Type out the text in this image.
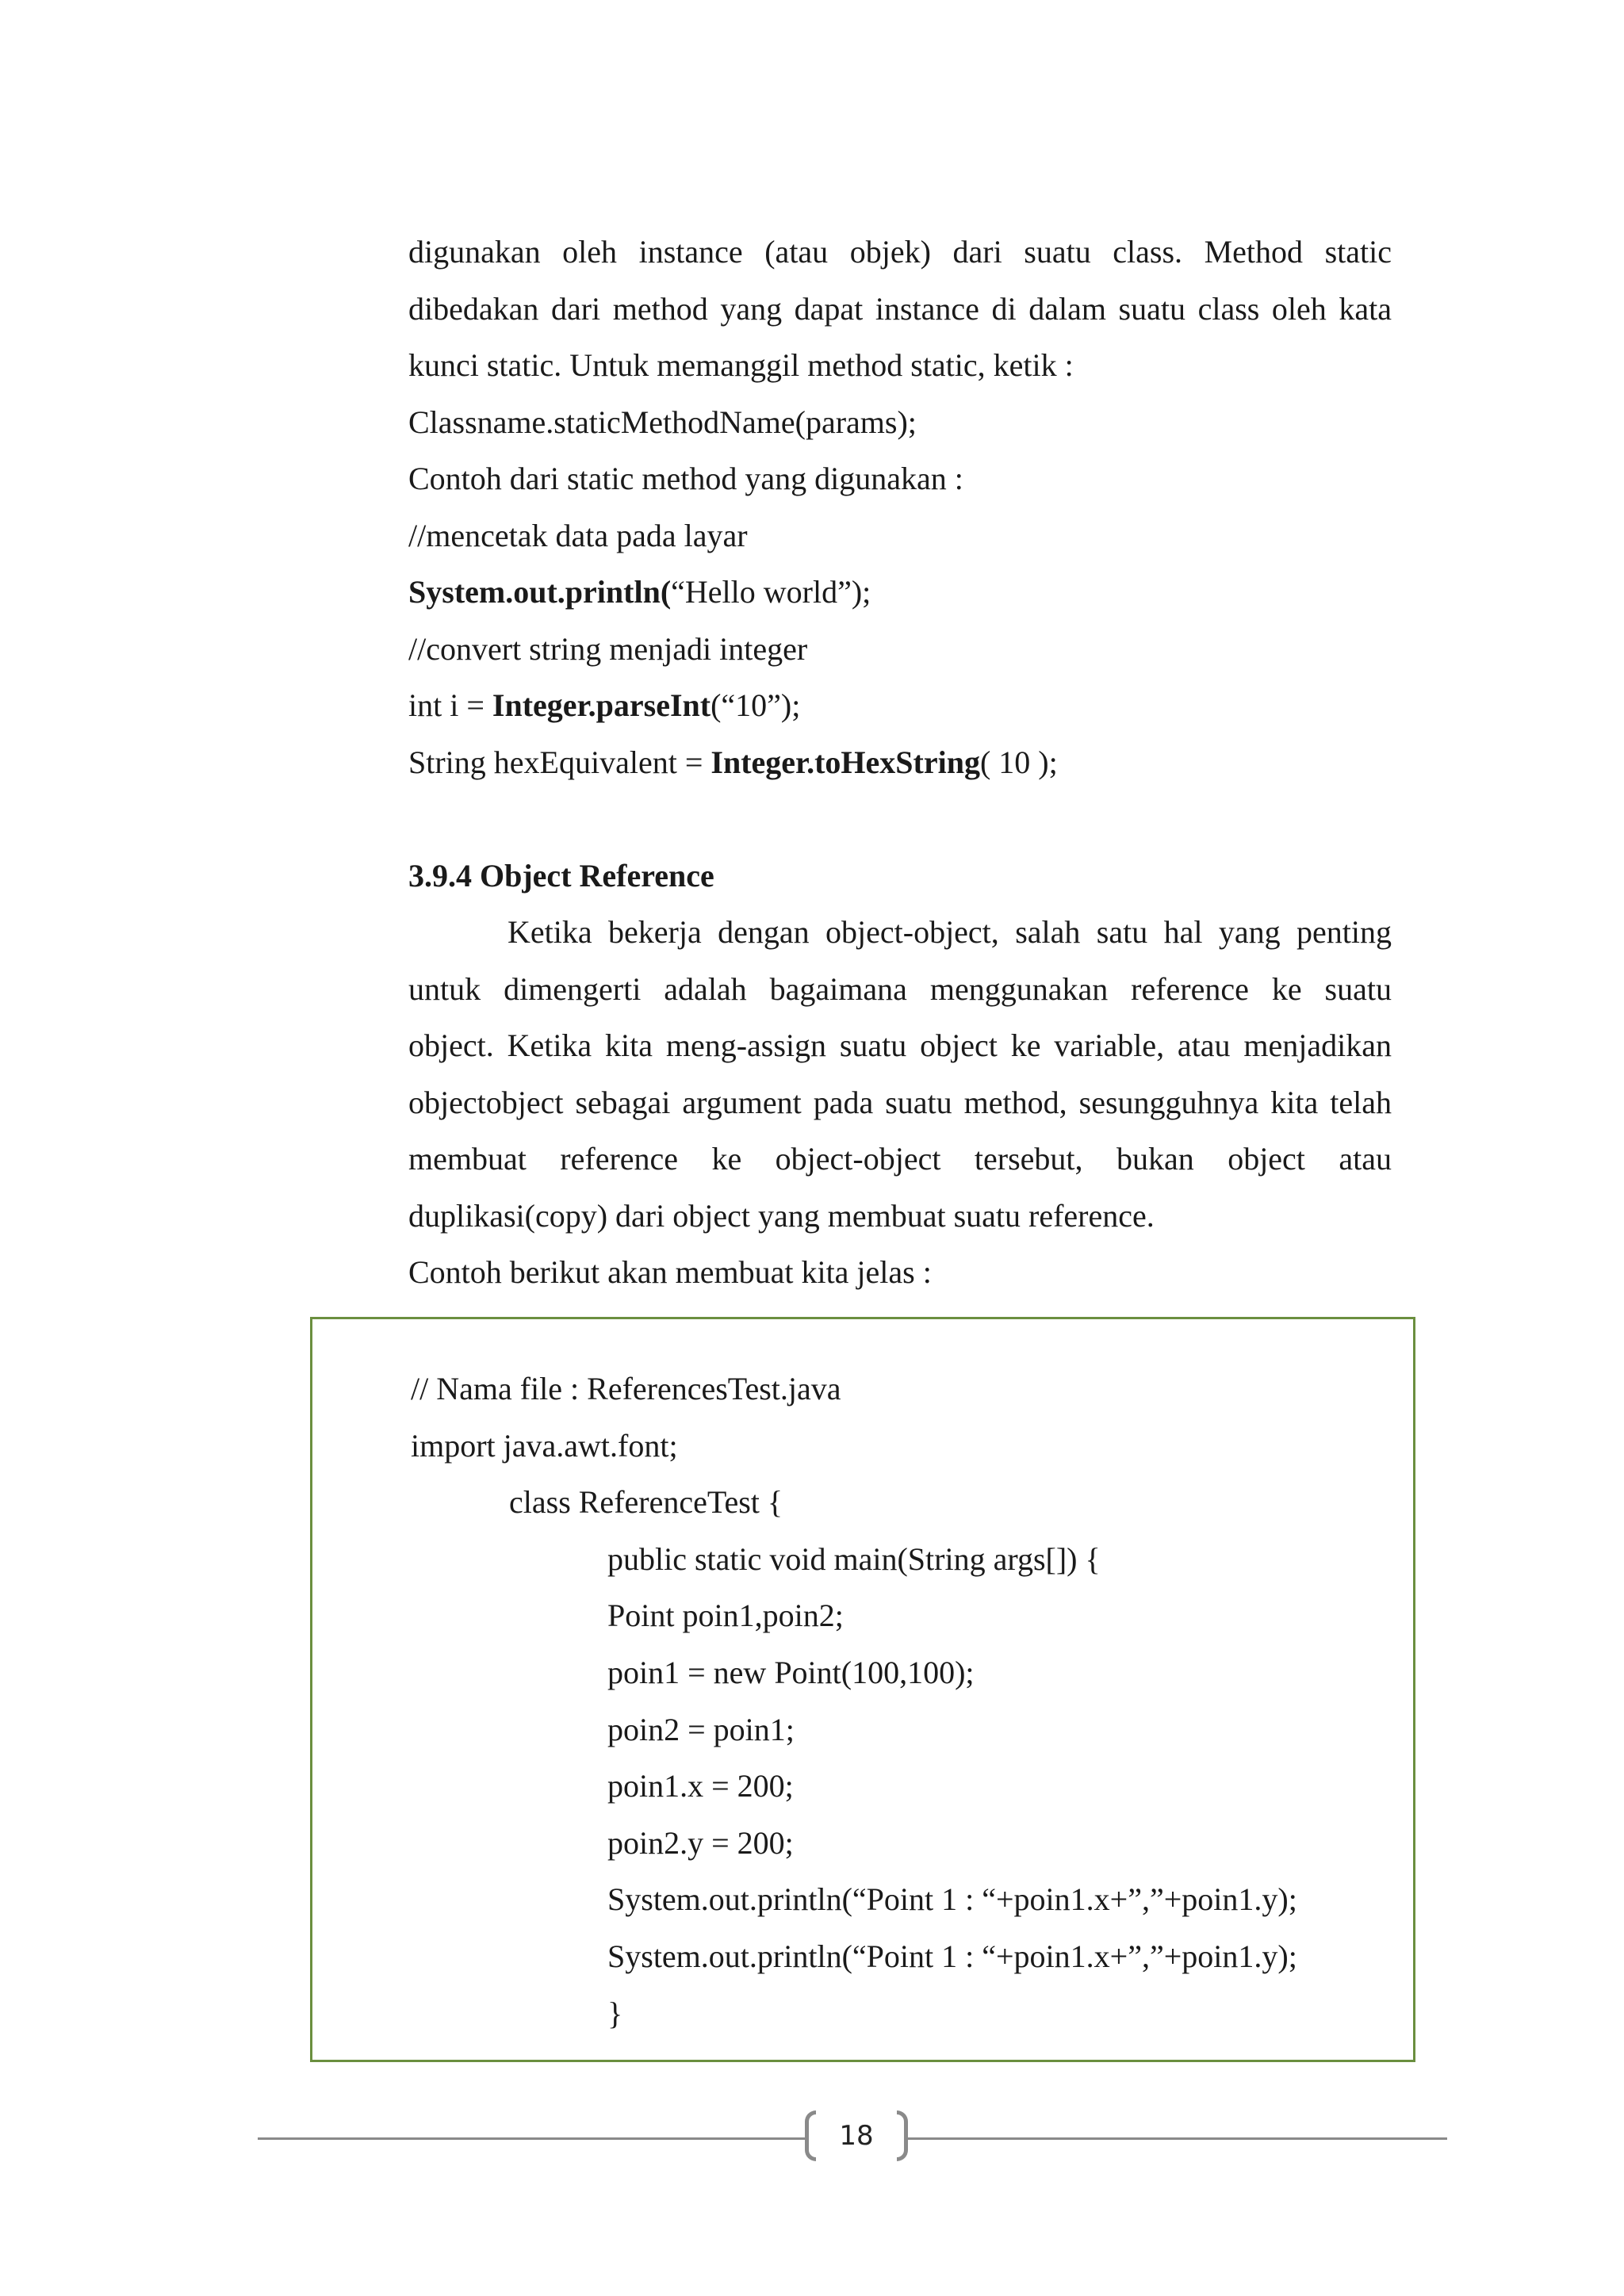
digunakan oleh instance (atau objek) dari suatu class. Method static
dibedakan dari method yang dapat instance di dalam suatu class oleh kata
kunci static. Untuk memanggil method static, ketik :
Classname.staticMethodName(params);
Contoh dari static method yang digunakan :
//mencetak data pada layar
System.out.println(“Hello world”);
//convert string menjadi integer
int i = Integer.parseInt(“10”);
String hexEquivalent = Integer.toHexString( 10 );
3.9.4 Object Reference
Ketika bekerja dengan object-object, salah satu hal yang penting
untuk dimengerti adalah bagaimana menggunakan reference ke suatu
object. Ketika kita meng-assign suatu object ke variable, atau menjadikan
objectobject sebagai argument pada suatu method, sesungguhnya kita telah
membuat reference ke object-object tersebut, bukan object atau
duplikasi(copy) dari object yang membuat suatu reference.
Contoh berikut akan membuat kita jelas :
// Nama file : ReferencesTest.java
import java.awt.font;
class ReferenceTest {
public static void main(String args[]) {
Point poin1,poin2;
poin1 = new Point(100,100);
poin2 = poin1;
poin1.x = 200;
poin2.y = 200;
System.out.println(“Point 1 : “+poin1.x+”,”+poin1.y);
System.out.println(“Point 1 : “+poin1.x+”,”+poin1.y);
}
18
